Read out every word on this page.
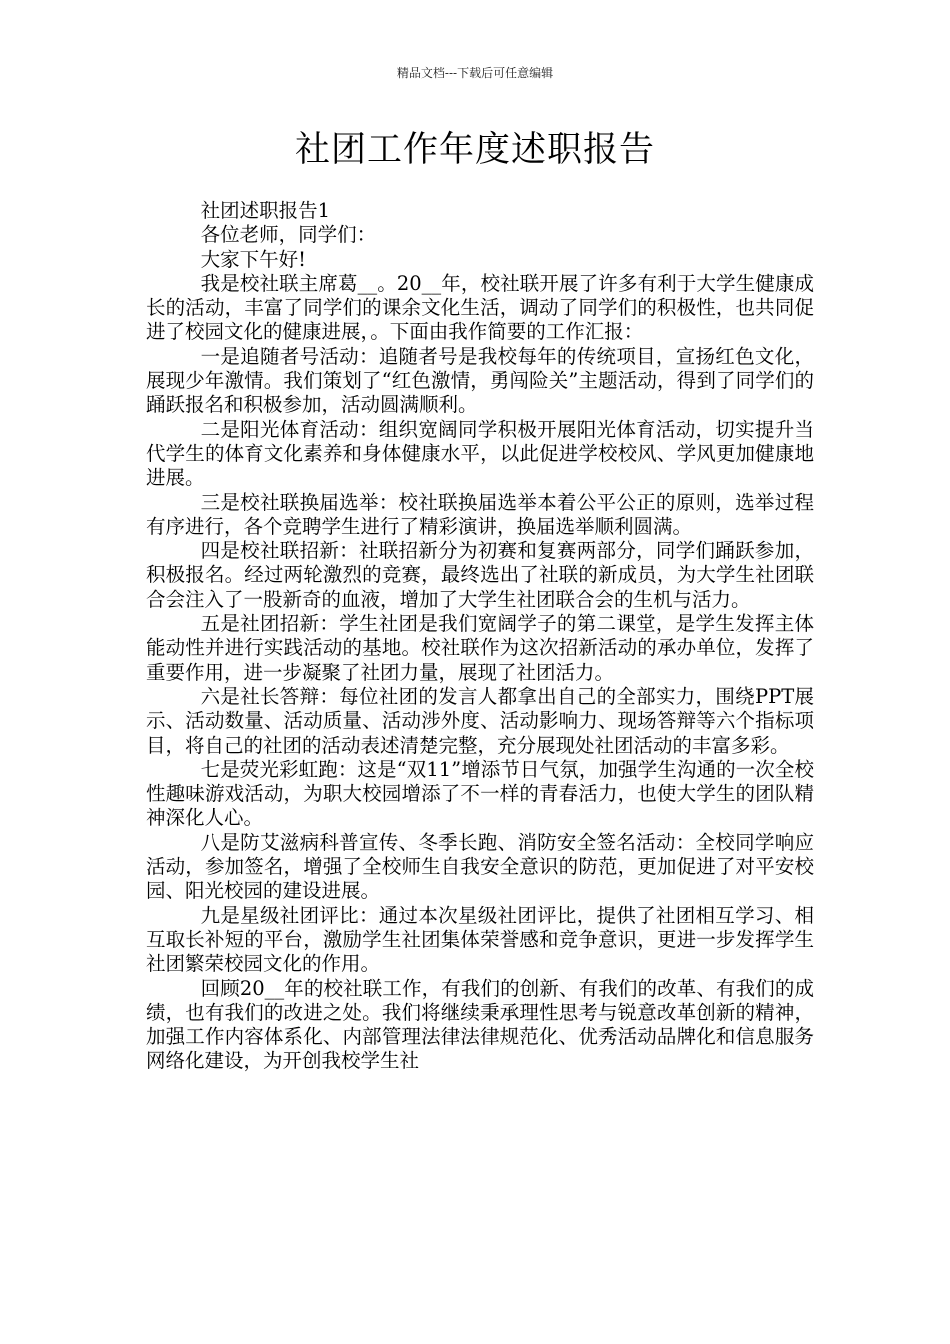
精品文档---下载后可任意编辑
社团工作年度述职报告

社团述职报告1

各位老师，同学们：

大家下午好!

我是校社联主席葛__。20__年，校社联开展了许多有利于大学生健康成长的活动，丰富了同学们的课余文化生活，调动了同学们的积极性，也共同促进了校园文化的健康进展，。下面由我作简要的工作汇报：

一是追随者号活动：追随者号是我校每年的传统项目，宣扬红色文化，展现少年激情。我们策划了“红色激情，勇闯险关”主题活动，得到了同学们的踊跃报名和积极参加，活动圆满顺利。

二是阳光体育活动：组织宽阔同学积极开展阳光体育活动，切实提升当代学生的体育文化素养和身体健康水平，以此促进学校校风、学风更加健康地进展。

三是校社联换届选举：校社联换届选举本着公平公正的原则，选举过程有序进行，各个竞聘学生进行了精彩演讲，换届选举顺利圆满。

四是校社联招新：社联招新分为初赛和复赛两部分，同学们踊跃参加，积极报名。经过两轮激烈的竞赛，最终选出了社联的新成员，为大学生社团联合会注入了一股新奇的血液，增加了大学生社团联合会的生机与活力。

五是社团招新：学生社团是我们宽阔学子的第二课堂，是学生发挥主体能动性并进行实践活动的基地。校社联作为这次招新活动的承办单位，发挥了重要作用，进一步凝聚了社团力量，展现了社团活力。

六是社长答辩：每位社团的发言人都拿出自己的全部实力，围绕PPT展示、活动数量、活动质量、活动涉外度、活动影响力、现场答辩等六个指标项目，将自己的社团的活动表述清楚完整，充分展现处社团活动的丰富多彩。

七是荧光彩虹跑：这是“双11”增添节日气氛，加强学生沟通的一次全校性趣味游戏活动，为职大校园增添了不一样的青春活力，也使大学生的团队精神深化人心。

八是防艾滋病科普宣传、冬季长跑、消防安全签名活动：全校同学响应活动，参加签名，增强了全校师生自我安全意识的防范，更加促进了对平安校园、阳光校园的建设进展。

九是星级社团评比：通过本次星级社团评比，提供了社团相互学习、相互取长补短的平台，激励学生社团集体荣誉感和竞争意识，更进一步发挥学生社团繁荣校园文化的作用。

回顾20__年的校社联工作，有我们的创新、有我们的改革、有我们的成绩，也有我们的改进之处。我们将继续秉承理性思考与锐意改革创新的精神，加强工作内容体系化、内部管理法律法律规范化、优秀活动品牌化和信息服务网络化建设，为开创我校学生社
